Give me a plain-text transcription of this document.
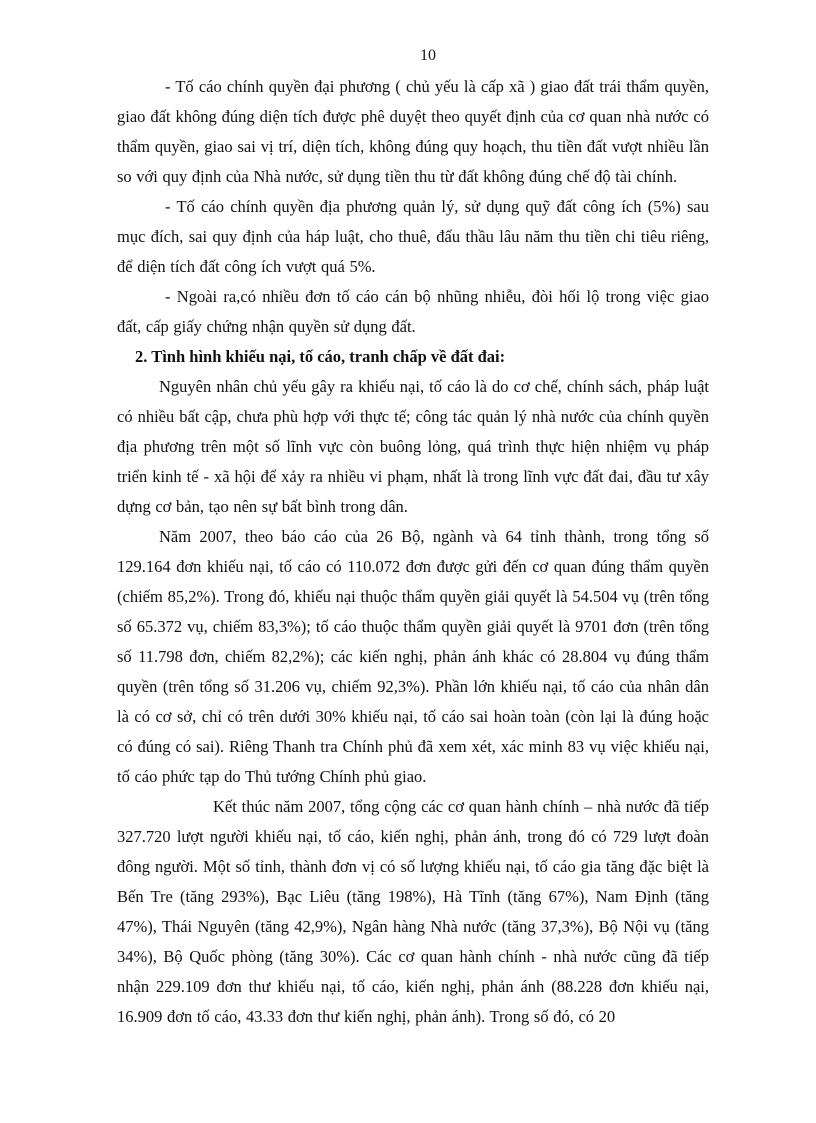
10

- Tố cáo chính quyền đại phương ( chủ yếu là cấp xã ) giao đất trái thẩm quyền, giao đất không đúng diện tích được phê duyệt theo quyết định của cơ quan nhà nước có thẩm quyền, giao sai vị trí, diện tích, không đúng quy hoạch, thu tiền đất vượt nhiều lần so với quy định của Nhà nước, sử dụng tiền thu từ đất không đúng chế độ tài chính.

- Tố cáo chính quyền địa phương quản lý, sử dụng quỹ đất công ích (5%) sau mục đích, sai quy định của háp luật, cho thuê, đấu thầu lâu năm thu tiền chi tiêu riêng, để diện tích đất công ích vượt quá 5%.

- Ngoài ra,có nhiều đơn tố cáo cán bộ nhũng nhiễu, đòi hối lộ trong việc giao đất, cấp giấy chứng nhận quyền sử dụng đất.

2. Tình hình khiếu nại, tố cáo, tranh chấp về đất đai:

Nguyên nhân chủ yếu gây ra khiếu nại, tố cáo là do cơ chế, chính sách, pháp luật có nhiều bất cập, chưa phù hợp với thực tế; công tác quản lý nhà nước của chính quyền địa phương trên một số lĩnh vực còn buông lỏng, quá trình thực hiện nhiệm vụ pháp triển kinh tế - xã hội để xảy ra nhiều vi phạm, nhất là trong lĩnh vực đất đai, đầu tư xây dựng cơ bản, tạo nên sự bất bình trong dân.

Năm 2007, theo báo cáo của 26 Bộ, ngành và 64 tỉnh thành, trong tổng số 129.164 đơn khiếu nại, tố cáo có 110.072 đơn được gửi đến cơ quan đúng thẩm quyền (chiếm 85,2%). Trong đó, khiếu nại thuộc thẩm quyền giải quyết là 54.504 vụ (trên tổng số 65.372 vụ, chiếm 83,3%); tố cáo thuộc thẩm quyền giải quyết là 9701 đơn (trên tổng số 11.798 đơn, chiếm 82,2%); các kiến nghị, phản ánh khác có 28.804 vụ đúng thẩm quyền (trên tổng số 31.206 vụ, chiếm 92,3%). Phần lớn khiếu nại, tố cáo của nhân dân là có cơ sở, chỉ có trên dưới 30% khiếu nại, tố cáo sai hoàn toàn (còn lại là đúng hoặc có đúng có sai). Riêng Thanh tra Chính phủ đã xem xét, xác minh 83 vụ việc khiếu nại, tố cáo phức tạp do Thủ tướng Chính phủ giao.

Kết thúc năm 2007, tổng cộng các cơ quan hành chính – nhà nước đã tiếp 327.720 lượt người khiếu nại, tố cáo, kiến nghị, phản ánh, trong đó có 729 lượt đoàn đông người. Một số tỉnh, thành đơn vị có số lượng khiếu nại, tố cáo gia tăng đặc biệt là Bến Tre (tăng 293%), Bạc Liêu (tăng 198%), Hà Tĩnh (tăng 67%), Nam Định (tăng 47%), Thái Nguyên (tăng 42,9%), Ngân hàng Nhà nước (tăng 37,3%), Bộ Nội vụ (tăng 34%), Bộ Quốc phòng (tăng 30%). Các cơ quan hành chính - nhà nước cũng đã tiếp nhận 229.109 đơn thư khiếu nại, tố cáo, kiến nghị, phản ánh (88.228 đơn khiếu nại, 16.909 đơn tố cáo, 43.33 đơn thư kiến nghị, phản ánh). Trong số đó, có 20
